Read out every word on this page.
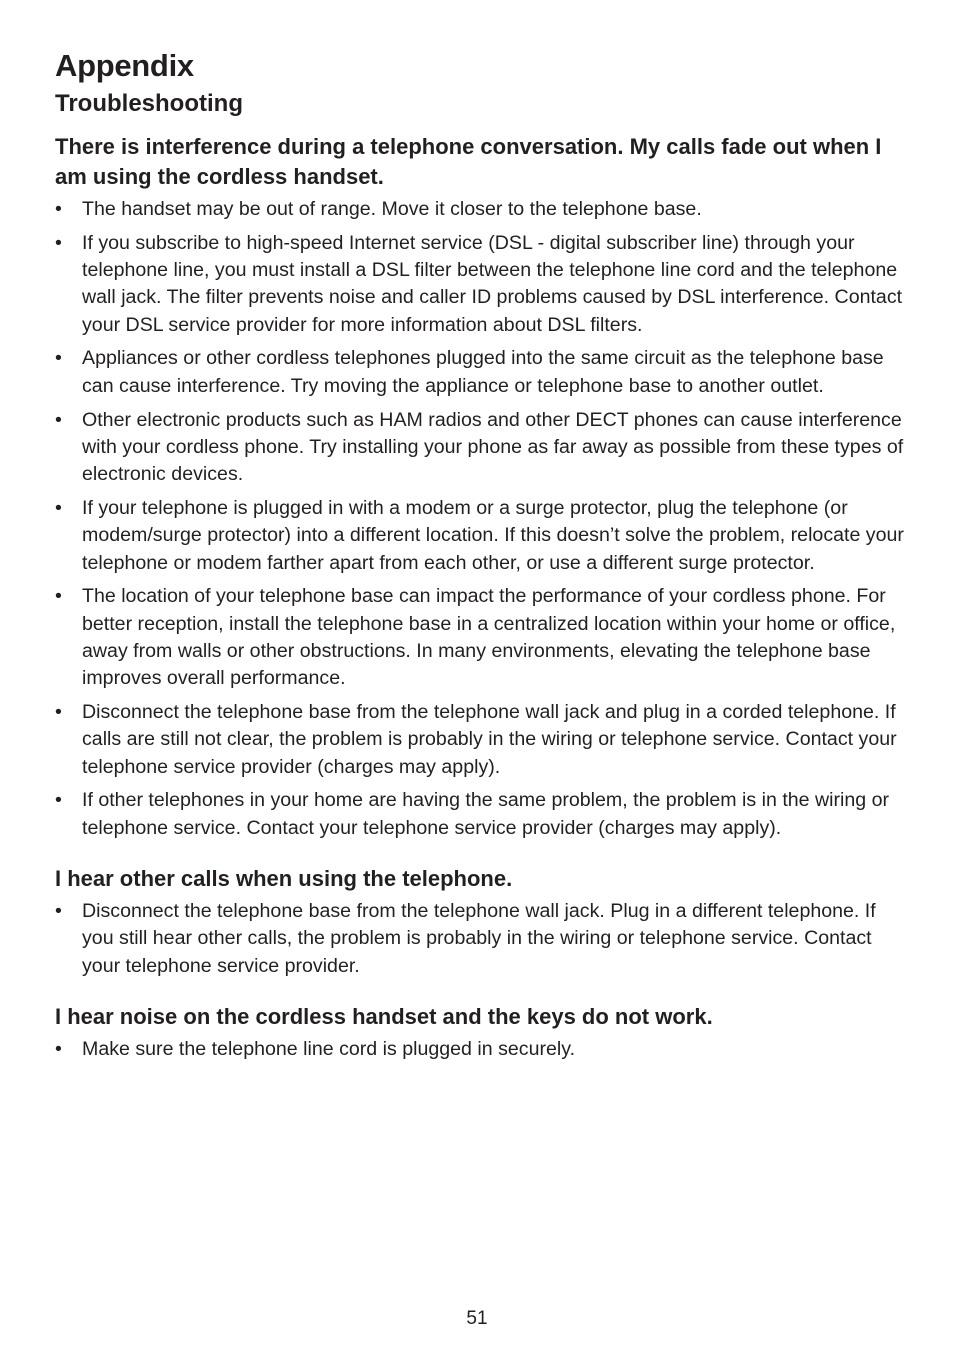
Appendix
Troubleshooting
There is interference during a telephone conversation. My calls fade out when I am using the cordless handset.
• The handset may be out of range. Move it closer to the telephone base.
• If you subscribe to high-speed Internet service (DSL - digital subscriber line) through your telephone line, you must install a DSL filter between the telephone line cord and the telephone wall jack. The filter prevents noise and caller ID problems caused by DSL interference. Contact your DSL service provider for more information about DSL filters.
• Appliances or other cordless telephones plugged into the same circuit as the telephone base can cause interference. Try moving the appliance or telephone base to another outlet.
• Other electronic products such as HAM radios and other DECT phones can cause interference with your cordless phone. Try installing your phone as far away as possible from these types of electronic devices.
• If your telephone is plugged in with a modem or a surge protector, plug the telephone (or modem/surge protector) into a different location. If this doesn’t solve the problem, relocate your telephone or modem farther apart from each other, or use a different surge protector.
• The location of your telephone base can impact the performance of your cordless phone. For better reception, install the telephone base in a centralized location within your home or office, away from walls or other obstructions. In many environments, elevating the telephone base improves overall performance.
• Disconnect the telephone base from the telephone wall jack and plug in a corded telephone. If calls are still not clear, the problem is probably in the wiring or telephone service. Contact your telephone service provider (charges may apply).
• If other telephones in your home are having the same problem, the problem is in the wiring or telephone service. Contact your telephone service provider (charges may apply).
I hear other calls when using the telephone.
• Disconnect the telephone base from the telephone wall jack. Plug in a different telephone. If you still hear other calls, the problem is probably in the wiring or telephone service. Contact your telephone service provider.
I hear noise on the cordless handset and the keys do not work.
• Make sure the telephone line cord is plugged in securely.
51
